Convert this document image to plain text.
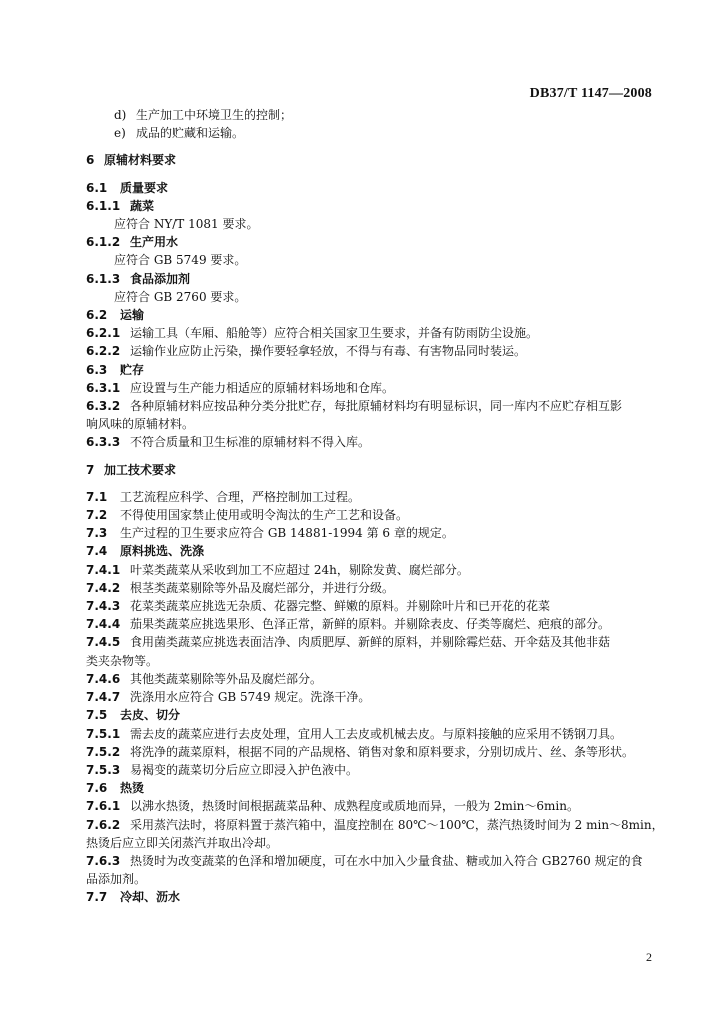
DB37/T 1147—2008
d) 生产加工中环境卫生的控制；
e) 成品的贮藏和运输。
6 原辅材料要求
6.1 质量要求
6.1.1 蔬菜
应符合 NY/T 1081 要求。
6.1.2 生产用水
应符合 GB 5749 要求。
6.1.3 食品添加剂
应符合 GB 2760 要求。
6.2 运输
6.2.1 运输工具（车厢、船舱等）应符合相关国家卫生要求，并备有防雨防尘设施。
6.2.2 运输作业应防止污染，操作要轻拿轻放，不得与有毒、有害物品同时装运。
6.3 贮存
6.3.1 应设置与生产能力相适应的原辅材料场地和仓库。
6.3.2 各种原辅材料应按品种分类分批贮存，每批原辅材料均有明显标识，同一库内不应贮存相互影
响风味的原辅材料。
6.3.3 不符合质量和卫生标准的原辅材料不得入库。
7 加工技术要求
7.1 工艺流程应科学、合理，严格控制加工过程。
7.2 不得使用国家禁止使用或明令淘汰的生产工艺和设备。
7.3 生产过程的卫生要求应符合 GB 14881-1994 第 6 章的规定。
7.4 原料挑选、洗涤
7.4.1 叶菜类蔬菜从采收到加工不应超过 24h，剔除发黄、腐烂部分。
7.4.2 根茎类蔬菜剔除等外品及腐烂部分，并进行分级。
7.4.3 花菜类蔬菜应挑选无杂质、花器完整、鲜嫩的原料。并剔除叶片和已开花的花菜
7.4.4 茄果类蔬菜应挑选果形、色泽正常，新鲜的原料。并剔除表皮、仔类等腐烂、疤痕的部分。
7.4.5 食用菌类蔬菜应挑选表面洁净、肉质肥厚、新鲜的原料，并剔除霉烂菇、开伞菇及其他非菇
类夹杂物等。
7.4.6 其他类蔬菜剔除等外品及腐烂部分。
7.4.7 洗涤用水应符合 GB 5749 规定。洗涤干净。
7.5 去皮、切分
7.5.1 需去皮的蔬菜应进行去皮处理，宜用人工去皮或机械去皮。与原料接触的应采用不锈钢刀具。
7.5.2 将洗净的蔬菜原料，根据不同的产品规格、销售对象和原料要求，分别切成片、丝、条等形状。
7.5.3 易褐变的蔬菜切分后应立即浸入护色液中。
7.6 热烫
7.6.1 以沸水热烫，热烫时间根据蔬菜品种、成熟程度或质地而异，一般为 2min～6min。
7.6.2 采用蒸汽法时，将原料置于蒸汽箱中，温度控制在 80℃～100℃，蒸汽热烫时间为 2 min～8min，
热烫后应立即关闭蒸汽并取出冷却。
7.6.3 热烫时为改变蔬菜的色泽和增加硬度，可在水中加入少量食盐、糖或加入符合 GB2760 规定的食
品添加剂。
7.7 冷却、沥水
2
